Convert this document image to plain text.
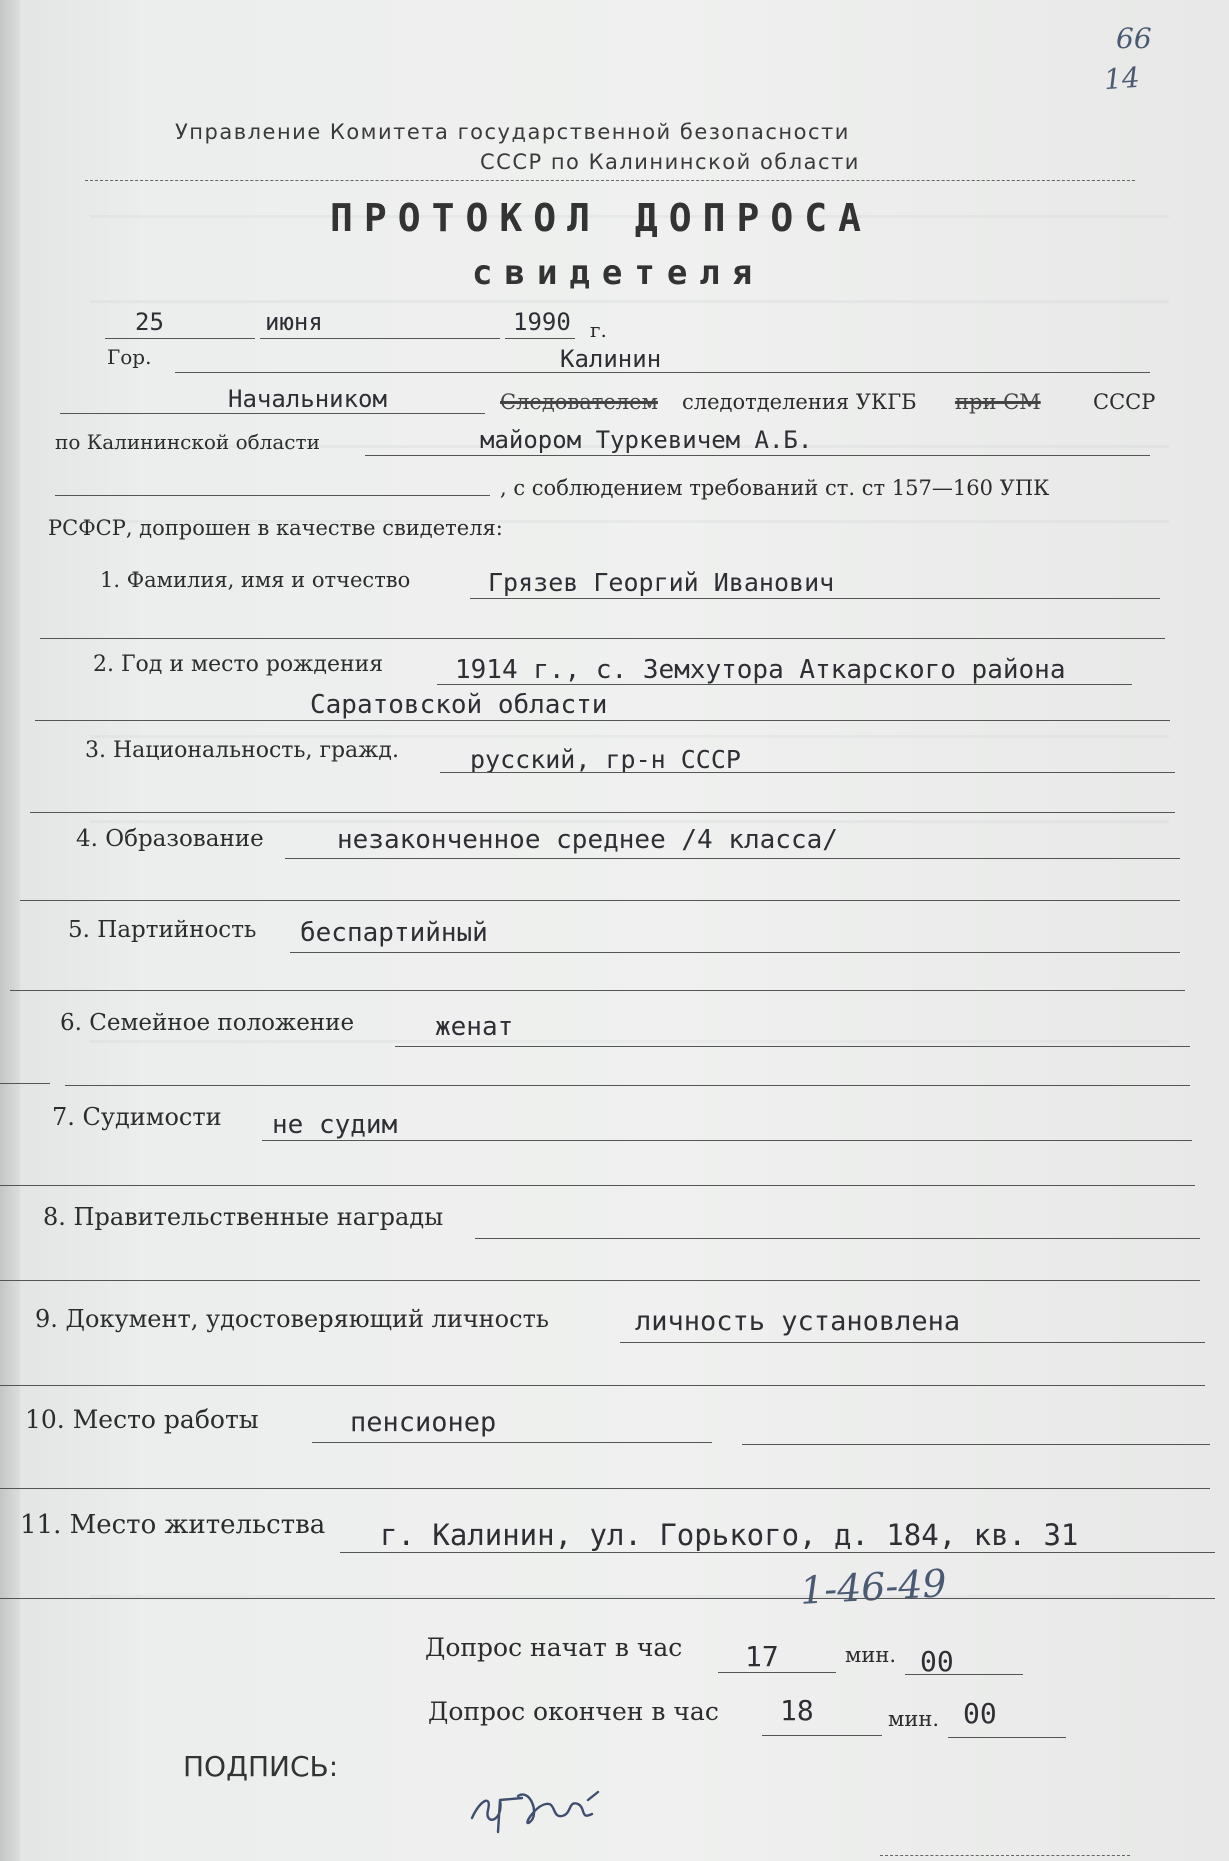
66
14
Управление Комитета государственной безопасности
СССР по Калининской области
ПРОТОКОЛ ДОПРОСА
свидетеля
25	июня	1990 г.
Гор.	Калинин
Начальником	Следователем следотделения УКГБ при СМ СССР
по Калининской области	майором Туркевичем А.Б.
, с соблюдением требований ст. ст 157—160 УПК
РСФСР, допрошен в качестве свидетеля:
1. Фамилия, имя и отчество	Грязев Георгий Иванович
2. Год и место рождения	1914 г., с. Земхутора Аткарского района
Саратовской области
3. Национальность, гражд.	русский, гр-н СССР
4. Образование	незаконченное среднее /4 класса/
5. Партийность беспартийный
6. Семейное положение	женат
7. Судимости не судим
8. Правительственные награды
9. Документ, удостоверяющий личность	личность установлена
10. Место работы	пенсионер
11. Место жительства г. Калинин, ул. Горького, д. 184, кв. 31
1-46-49
Допрос начат в час 17	мин. 00
Допрос окончен в час 18	мин. 00
ПОДПИСЬ:
